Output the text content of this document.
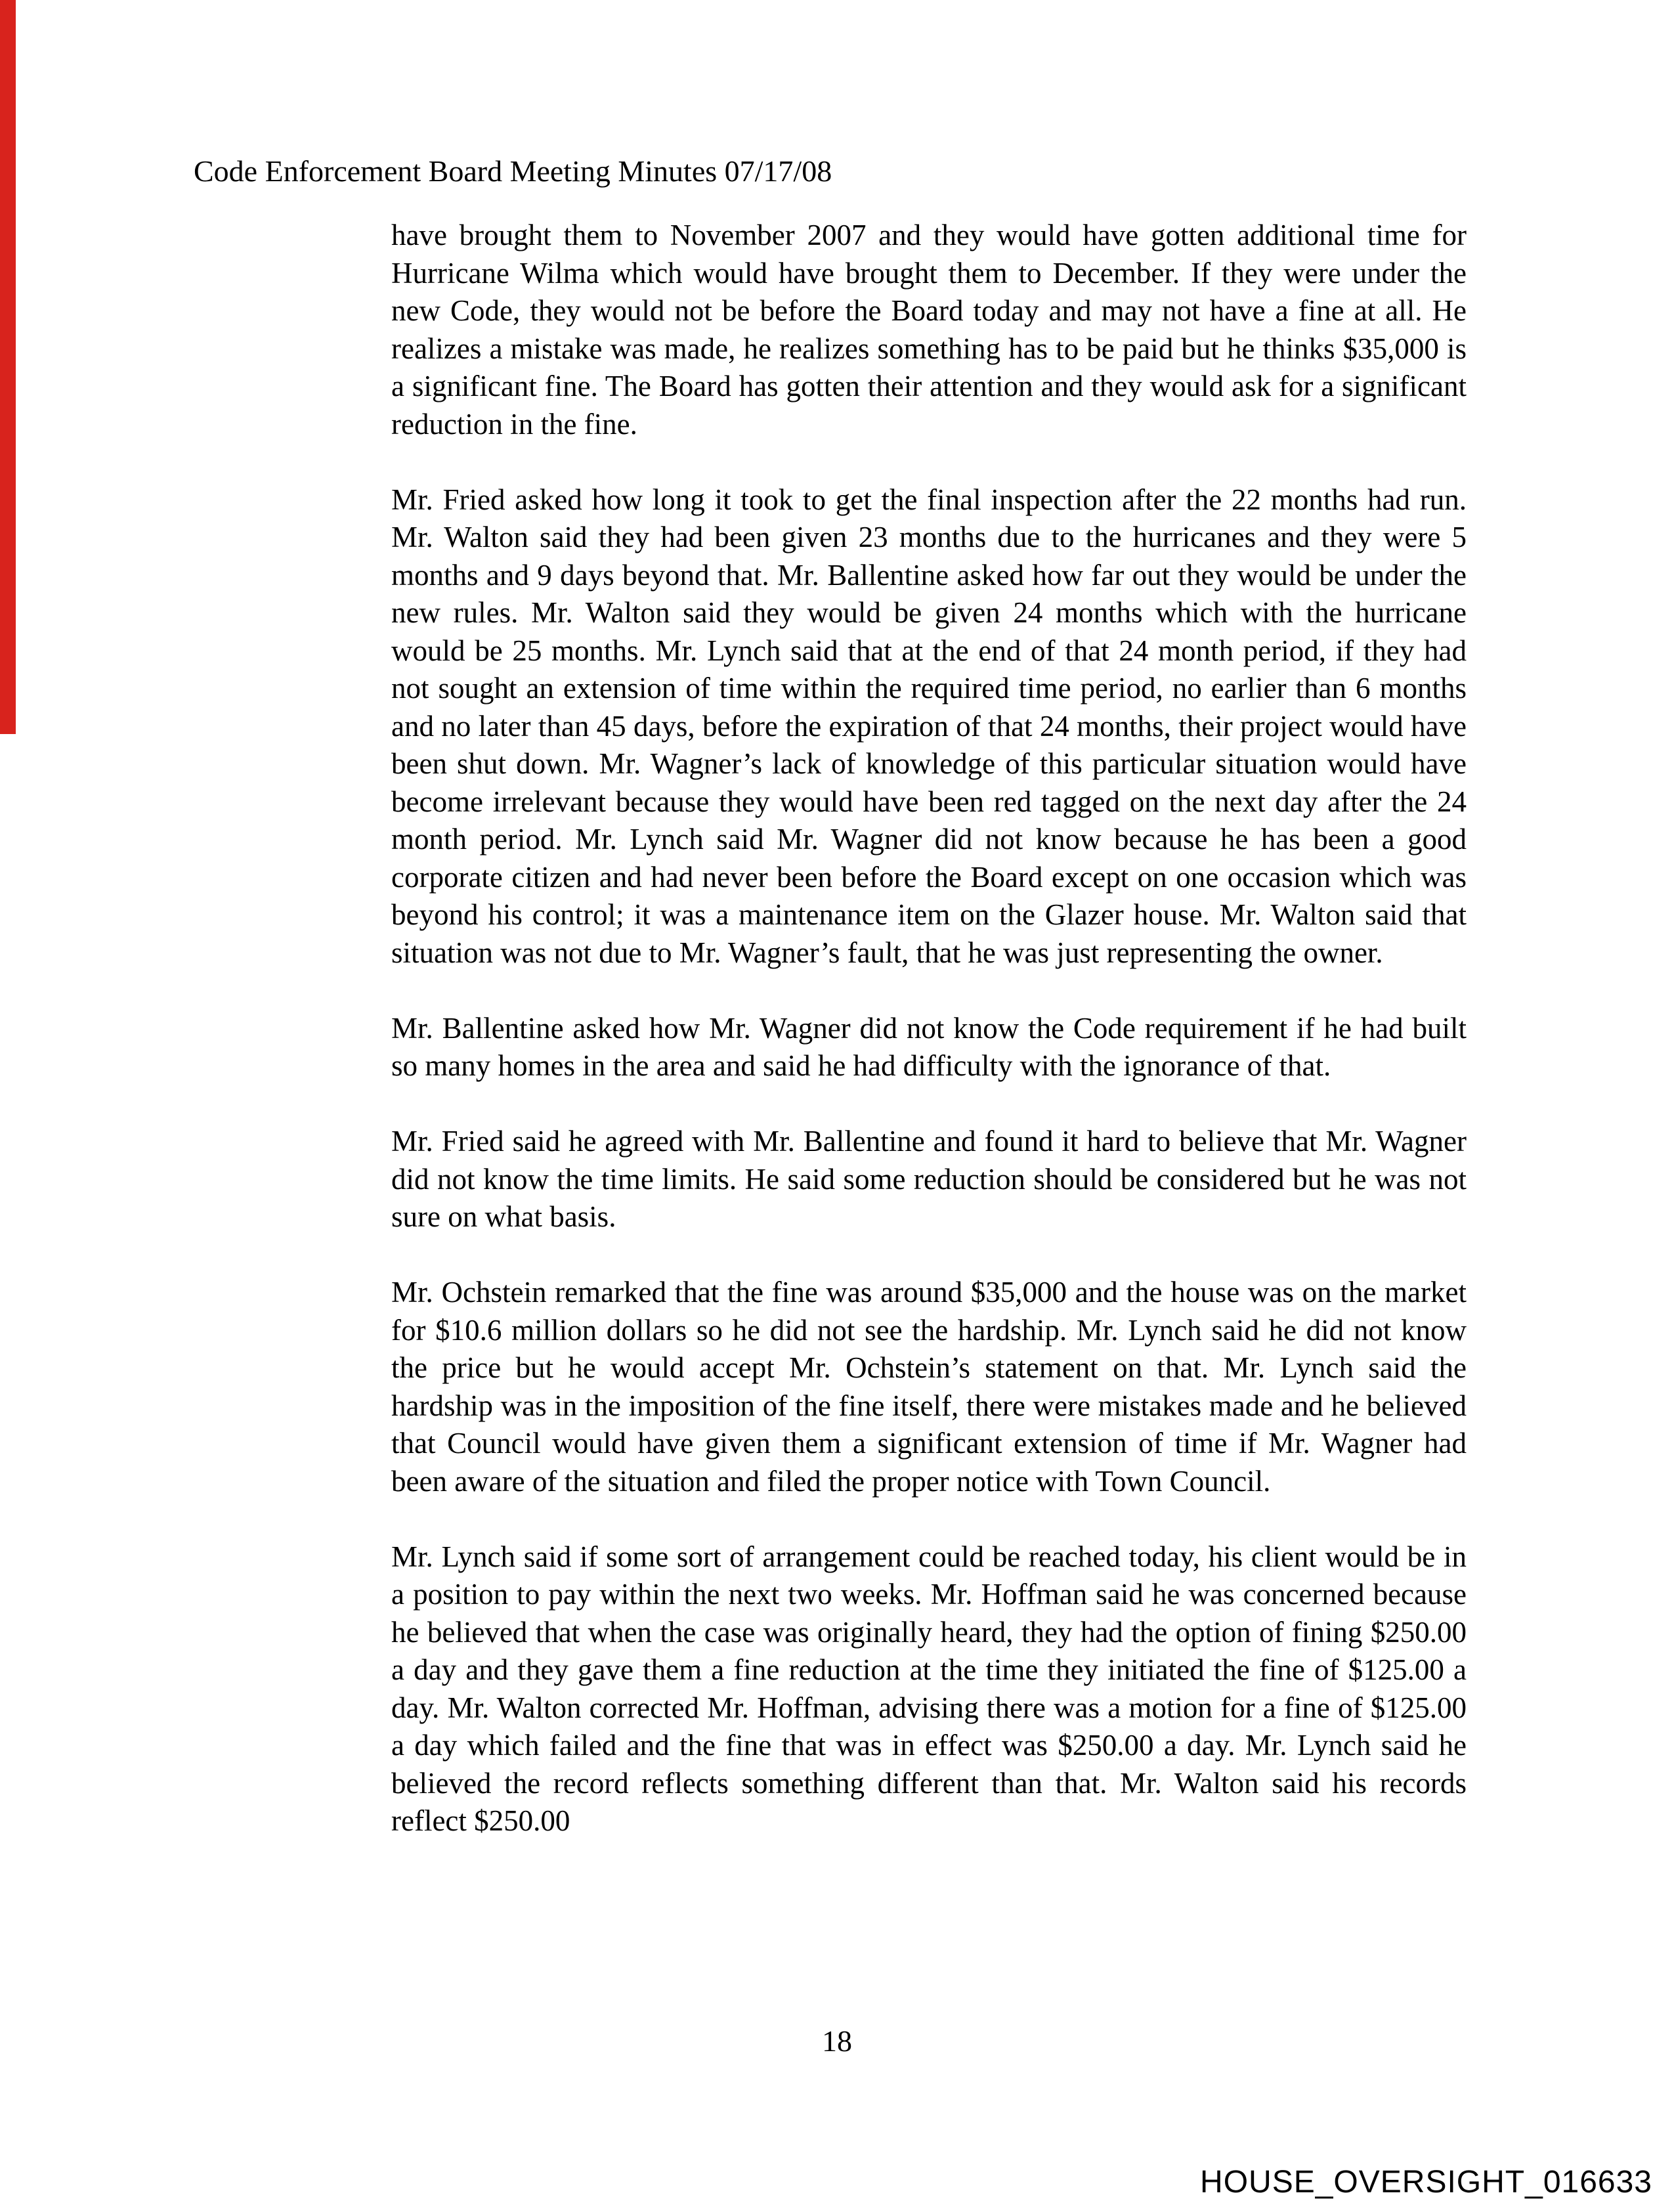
Code Enforcement Board Meeting Minutes 07/17/08

have brought them to November 2007 and they would have gotten additional time for Hurricane Wilma which would have brought them to December. If they were under the new Code, they would not be before the Board today and may not have a fine at all. He realizes a mistake was made, he realizes something has to be paid but he thinks $35,000 is a significant fine. The Board has gotten their attention and they would ask for a significant reduction in the fine.

Mr. Fried asked how long it took to get the final inspection after the 22 months had run. Mr. Walton said they had been given 23 months due to the hurricanes and they were 5 months and 9 days beyond that. Mr. Ballentine asked how far out they would be under the new rules. Mr. Walton said they would be given 24 months which with the hurricane would be 25 months. Mr. Lynch said that at the end of that 24 month period, if they had not sought an extension of time within the required time period, no earlier than 6 months and no later than 45 days, before the expiration of that 24 months, their project would have been shut down. Mr. Wagner’s lack of knowledge of this particular situation would have become irrelevant because they would have been red tagged on the next day after the 24 month period. Mr. Lynch said Mr. Wagner did not know because he has been a good corporate citizen and had never been before the Board except on one occasion which was beyond his control; it was a maintenance item on the Glazer house. Mr. Walton said that situation was not due to Mr. Wagner’s fault, that he was just representing the owner.

Mr. Ballentine asked how Mr. Wagner did not know the Code requirement if he had built so many homes in the area and said he had difficulty with the ignorance of that.

Mr. Fried said he agreed with Mr. Ballentine and found it hard to believe that Mr. Wagner did not know the time limits. He said some reduction should be considered but he was not sure on what basis.

Mr. Ochstein remarked that the fine was around $35,000 and the house was on the market for $10.6 million dollars so he did not see the hardship. Mr. Lynch said he did not know the price but he would accept Mr. Ochstein’s statement on that. Mr. Lynch said the hardship was in the imposition of the fine itself, there were mistakes made and he believed that Council would have given them a significant extension of time if Mr. Wagner had been aware of the situation and filed the proper notice with Town Council.

Mr. Lynch said if some sort of arrangement could be reached today, his client would be in a position to pay within the next two weeks. Mr. Hoffman said he was concerned because he believed that when the case was originally heard, they had the option of fining $250.00 a day and they gave them a fine reduction at the time they initiated the fine of $125.00 a day. Mr. Walton corrected Mr. Hoffman, advising there was a motion for a fine of $125.00 a day which failed and the fine that was in effect was $250.00 a day. Mr. Lynch said he believed the record reflects something different than that. Mr. Walton said his records reflect $250.00

18
HOUSE_OVERSIGHT_016633
